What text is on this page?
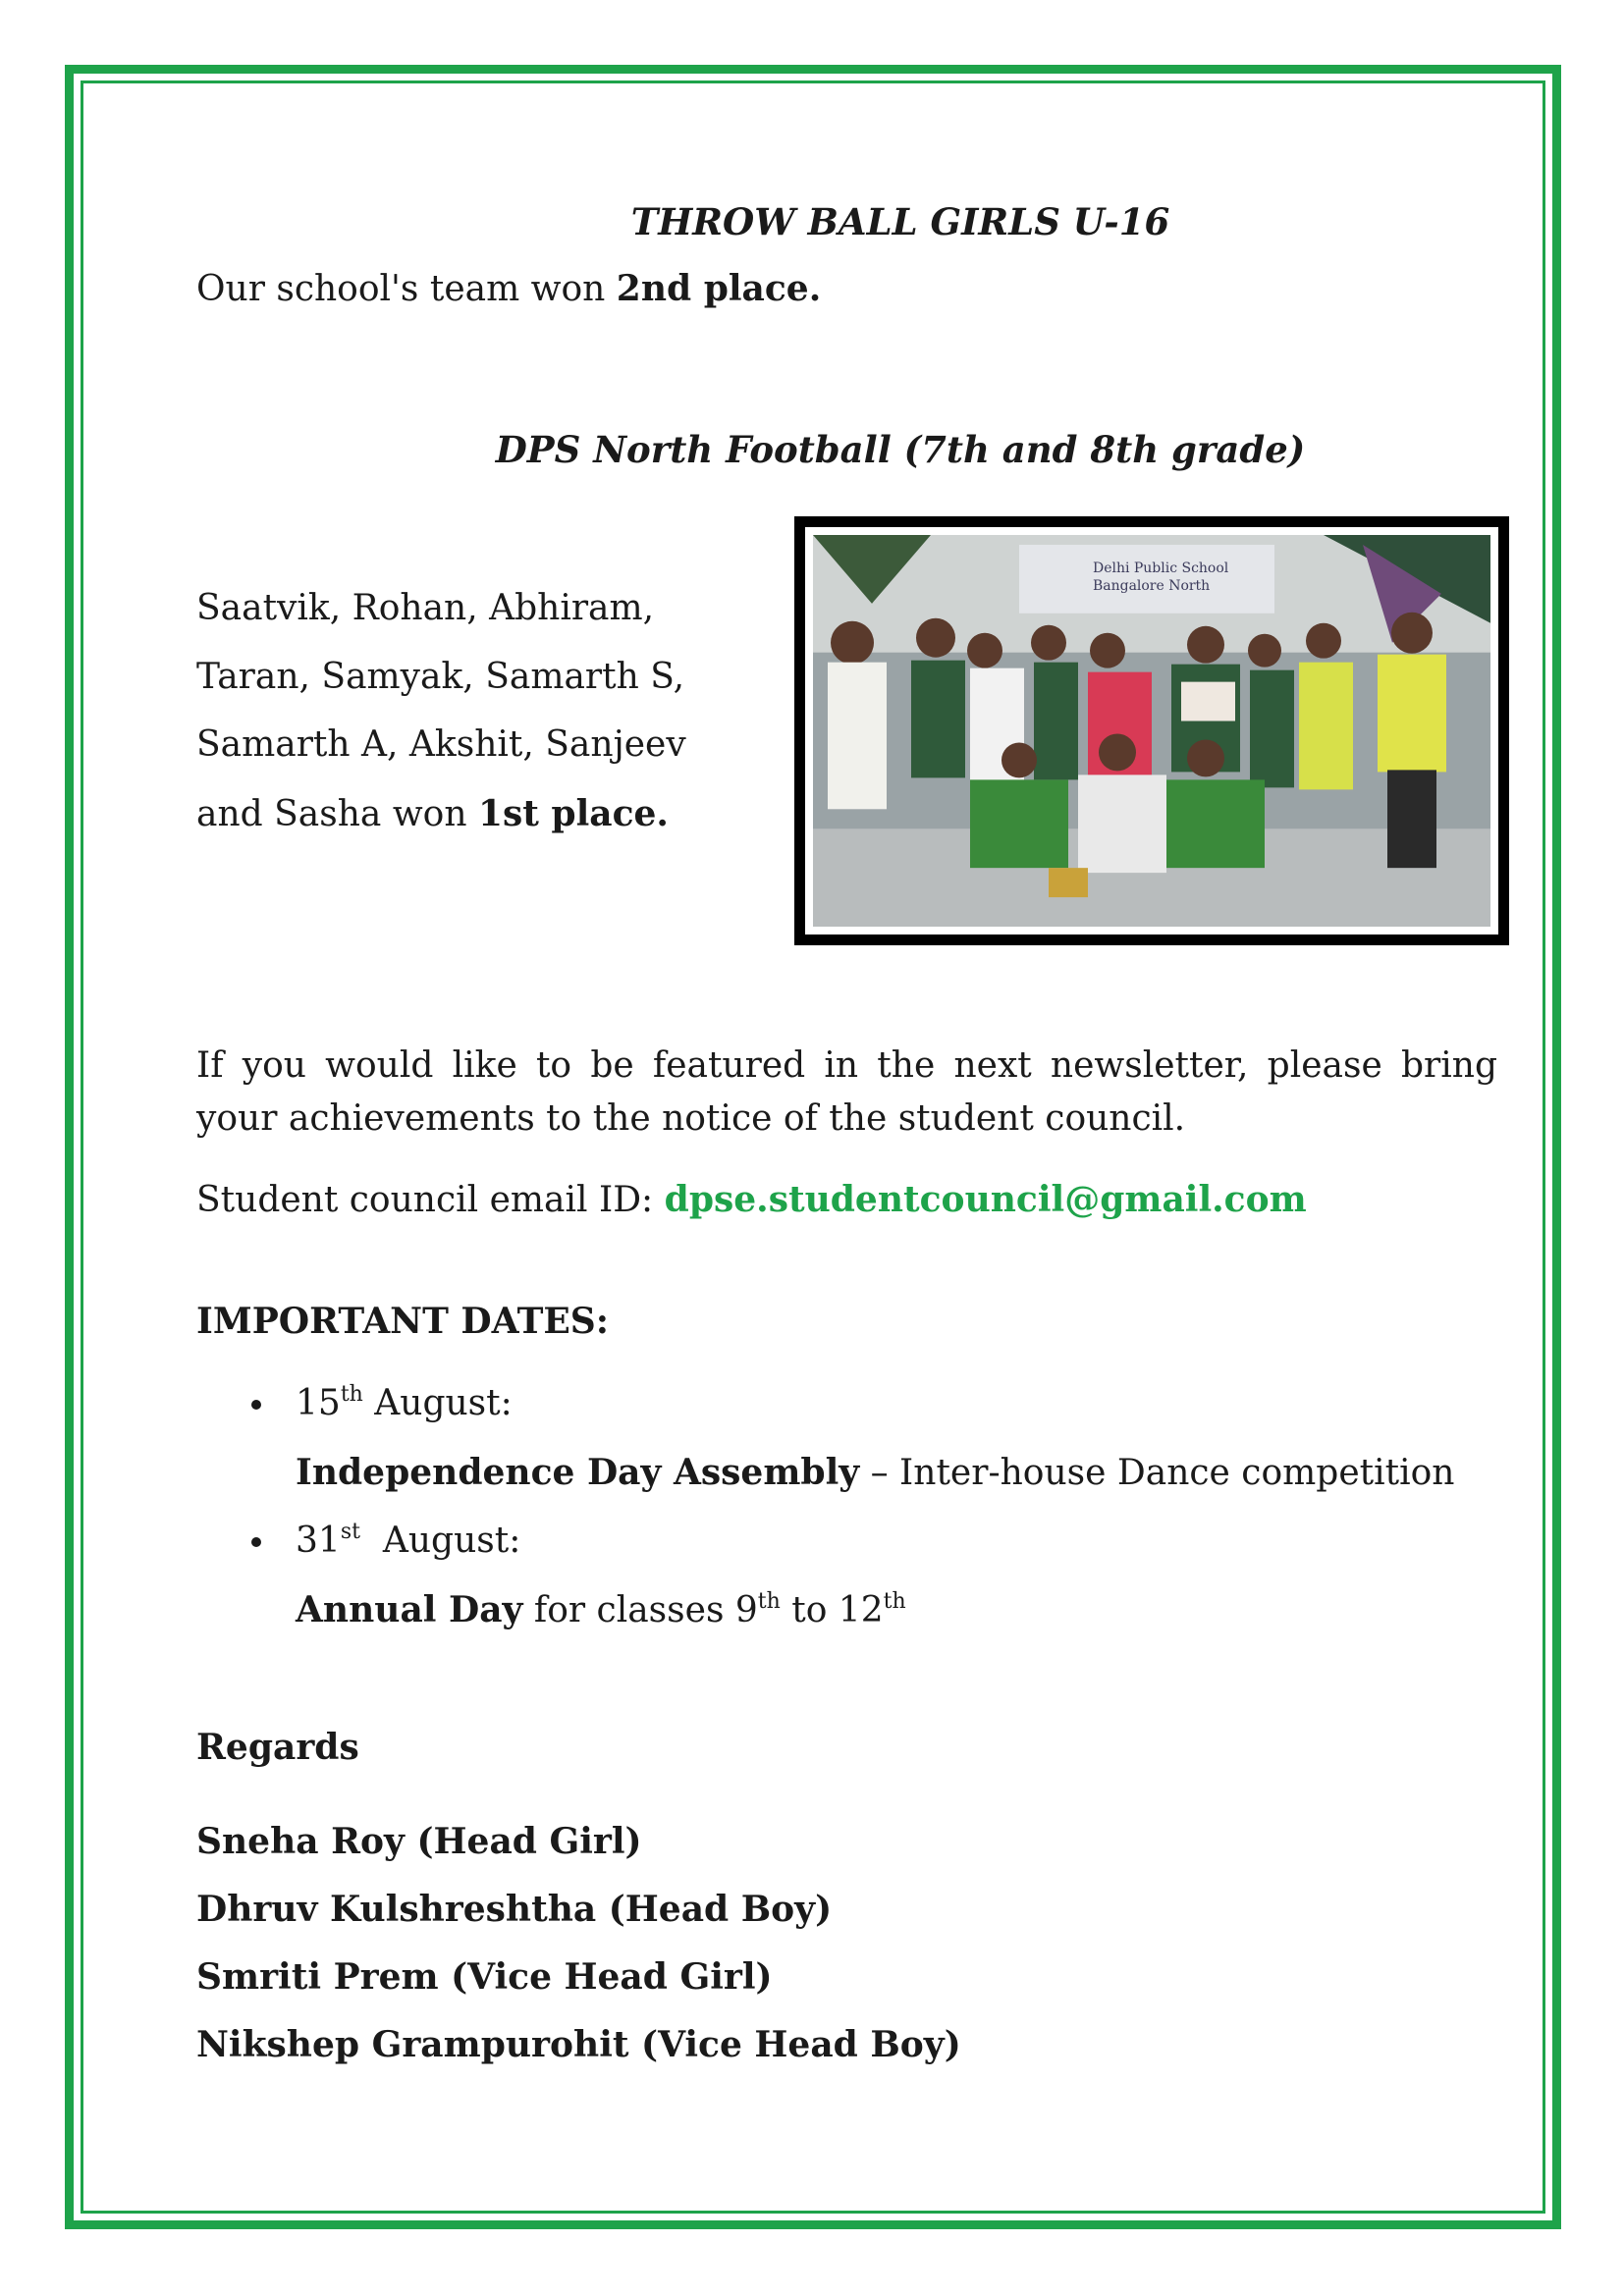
THROW BALL GIRLS U-16
Our school's team won 2nd place.
DPS North Football (7th and 8th grade)
Saatvik, Rohan, Abhiram,
Taran, Samyak, Samarth S,
Samarth A, Akshit, Sanjeev
and Sasha won 1st place.
Delhi Public School
Bangalore North
If you would like to be featured in the next newsletter, please bring your achievements to the notice of the student council.
Student council email ID: dpse.studentcouncil@gmail.com
IMPORTANT DATES:
15th August:
Independence Day Assembly – Inter-house Dance competition
31st  August:
Annual Day for classes 9th to 12th
Regards
Sneha Roy (Head Girl)
Dhruv Kulshreshtha (Head Boy)
Smriti Prem (Vice Head Girl)
Nikshep Grampurohit (Vice Head Boy)
